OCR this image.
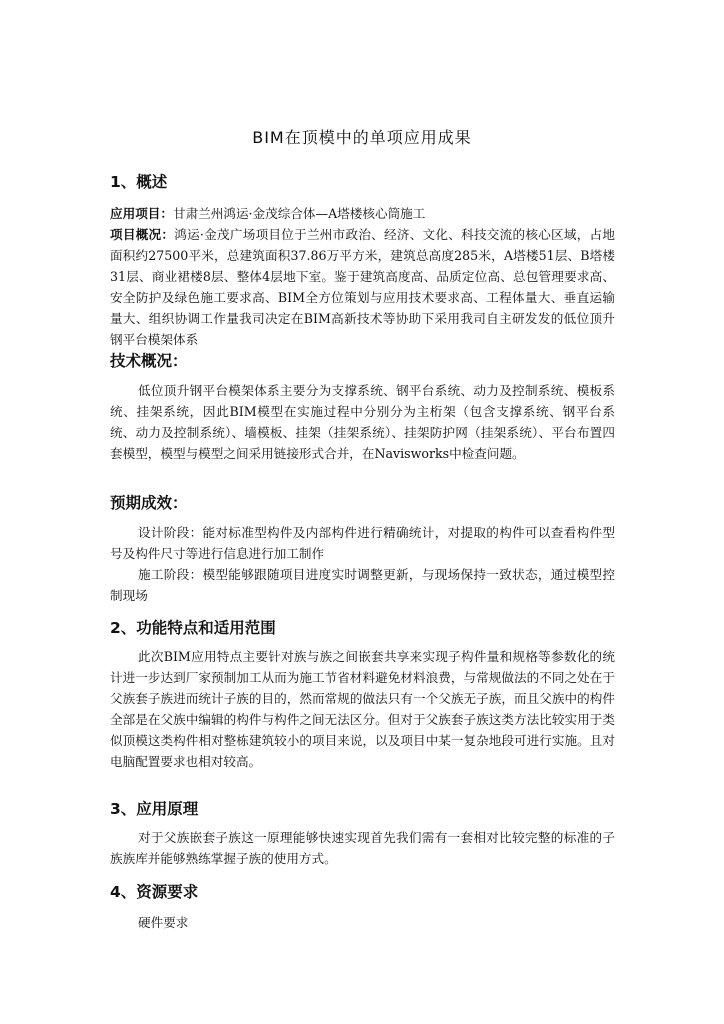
BIM在顶模中的单项应用成果
1、概述

应用项目：甘肃兰州鸿运·金茂综合体—A塔楼核心筒施工

项目概况：鸿运·金茂广场项目位于兰州市政治、经济、文化、科技交流的核心区域，占地面积约27500平米，总建筑面积37.86万平方米，建筑总高度285米，A塔楼51层、B塔楼31层、商业裙楼8层、整体4层地下室。鉴于建筑高度高、品质定位高、总包管理要求高、安全防护及绿色施工要求高、BIM全方位策划与应用技术要求高、工程体量大、垂直运输量大、组织协调工作量我司决定在BIM高新技术等协助下采用我司自主研发发的低位顶升钢平台模架体系

技术概况：

低位顶升钢平台模架体系主要分为支撑系统、钢平台系统、动力及控制系统、模板系统、挂架系统，因此BIM模型在实施过程中分别分为主桁架（包含支撑系统、钢平台系统、动力及控制系统）、墙模板、挂架（挂架系统）、挂架防护网（挂架系统）、平台布置四套模型，模型与模型之间采用链接形式合并，在Navisworks中检查问题。

预期成效：

设计阶段：能对标准型构件及内部构件进行精确统计，对提取的构件可以查看构件型号及构件尺寸等进行信息进行加工制作

施工阶段：模型能够跟随项目进度实时调整更新，与现场保持一致状态，通过模型控制现场

2、功能特点和适用范围

此次BIM应用特点主要针对族与族之间嵌套共享来实现子构件量和规格等参数化的统计进一步达到厂家预制加工从而为施工节省材料避免材料浪费，与常规做法的不同之处在于父族套子族进而统计子族的目的，然而常规的做法只有一个父族无子族，而且父族中的构件全部是在父族中编辑的构件与构件之间无法区分。但对于父族套子族这类方法比较实用于类似顶模这类构件相对整栋建筑较小的项目来说，以及项目中某一复杂地段可进行实施。且对电脑配置要求也相对较高。

3、应用原理

对于父族嵌套子族这一原理能够快速实现首先我们需有一套相对比较完整的标准的子族族库并能够熟练掌握子族的使用方式。

4、资源要求

硬件要求
